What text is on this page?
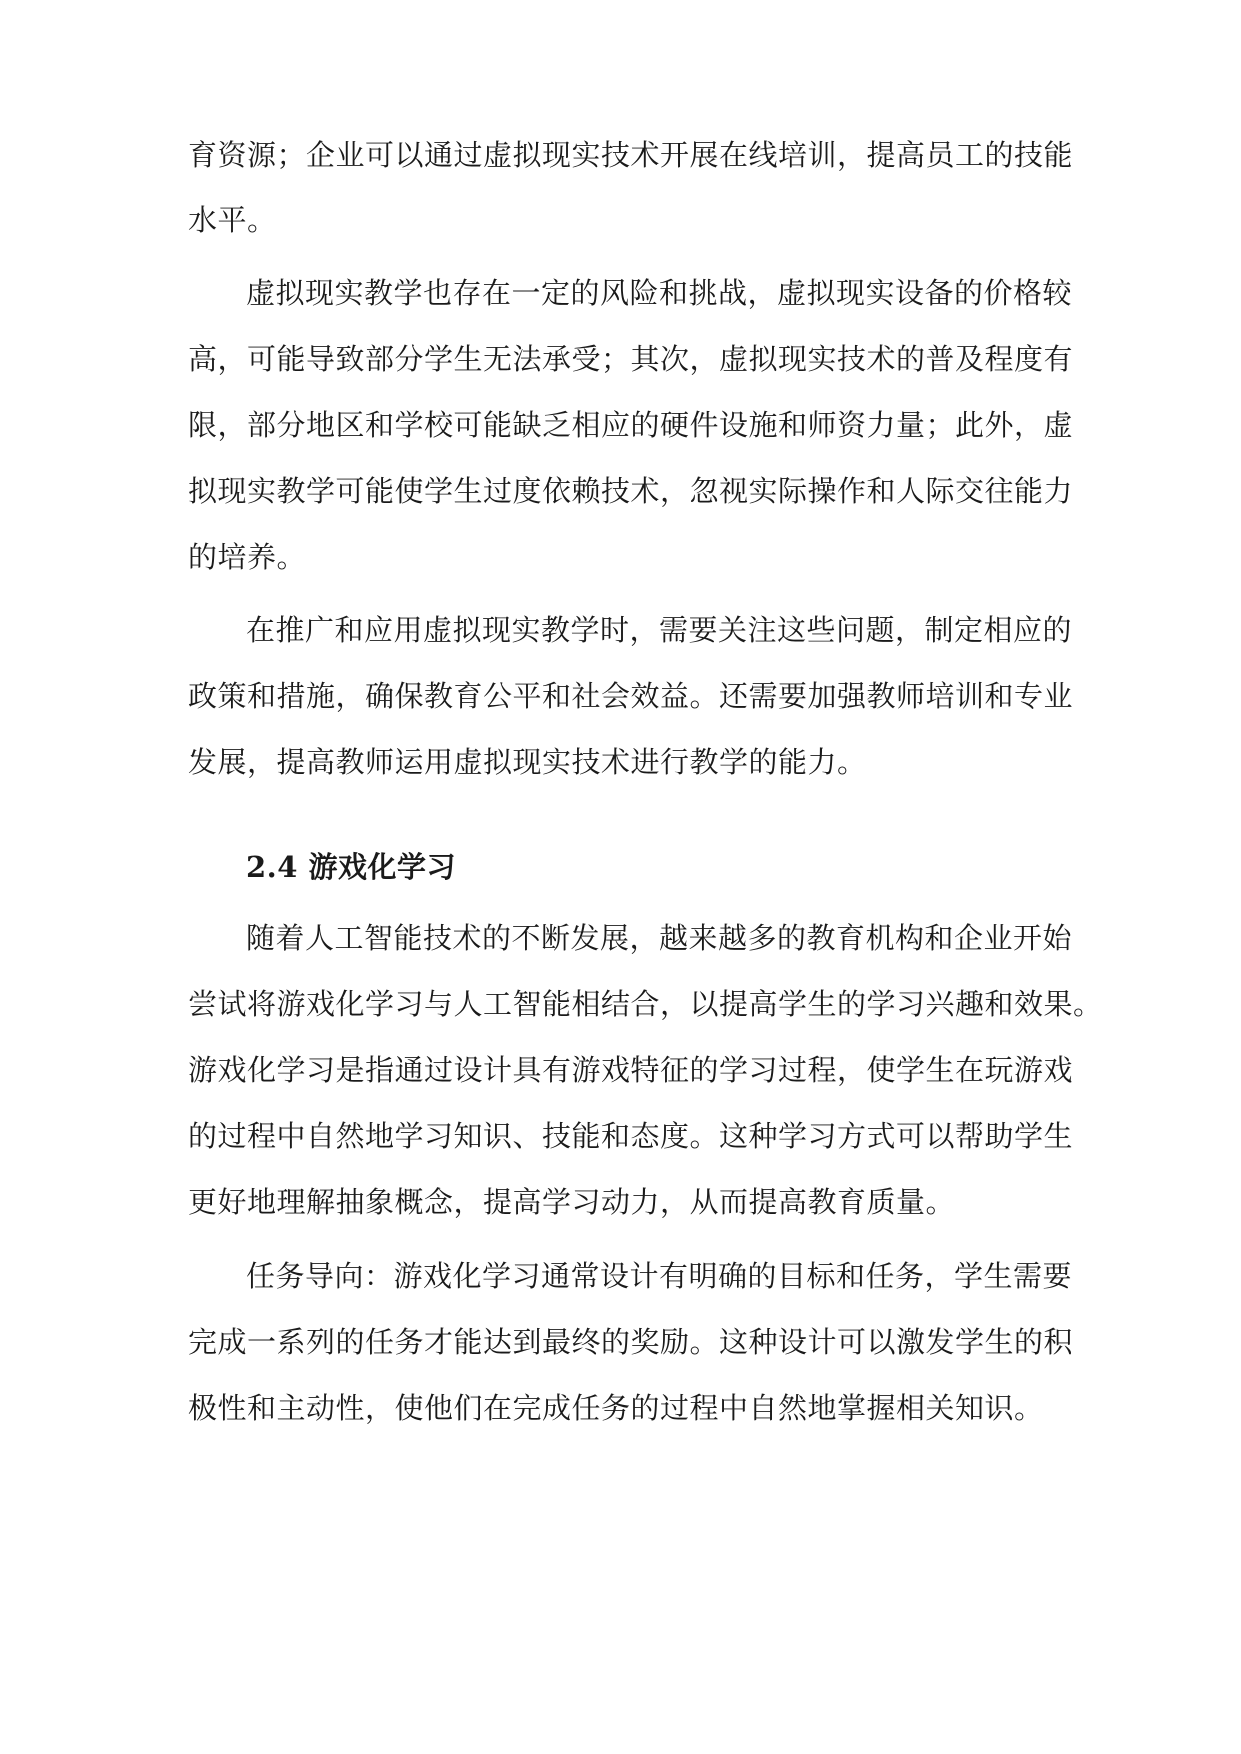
育资源；企业可以通过虚拟现实技术开展在线培训，提高员工的技能
水平。
虚拟现实教学也存在一定的风险和挑战，虚拟现实设备的价格较
高，可能导致部分学生无法承受；其次，虚拟现实技术的普及程度有
限，部分地区和学校可能缺乏相应的硬件设施和师资力量；此外，虚
拟现实教学可能使学生过度依赖技术，忽视实际操作和人际交往能力
的培养。
在推广和应用虚拟现实教学时，需要关注这些问题，制定相应的
政策和措施，确保教育公平和社会效益。还需要加强教师培训和专业
发展，提高教师运用虚拟现实技术进行教学的能力。
2.4 游戏化学习
随着人工智能技术的不断发展，越来越多的教育机构和企业开始
尝试将游戏化学习与人工智能相结合，以提高学生的学习兴趣和效果。
游戏化学习是指通过设计具有游戏特征的学习过程，使学生在玩游戏
的过程中自然地学习知识、技能和态度。这种学习方式可以帮助学生
更好地理解抽象概念，提高学习动力，从而提高教育质量。
任务导向：游戏化学习通常设计有明确的目标和任务，学生需要
完成一系列的任务才能达到最终的奖励。这种设计可以激发学生的积
极性和主动性，使他们在完成任务的过程中自然地掌握相关知识。
